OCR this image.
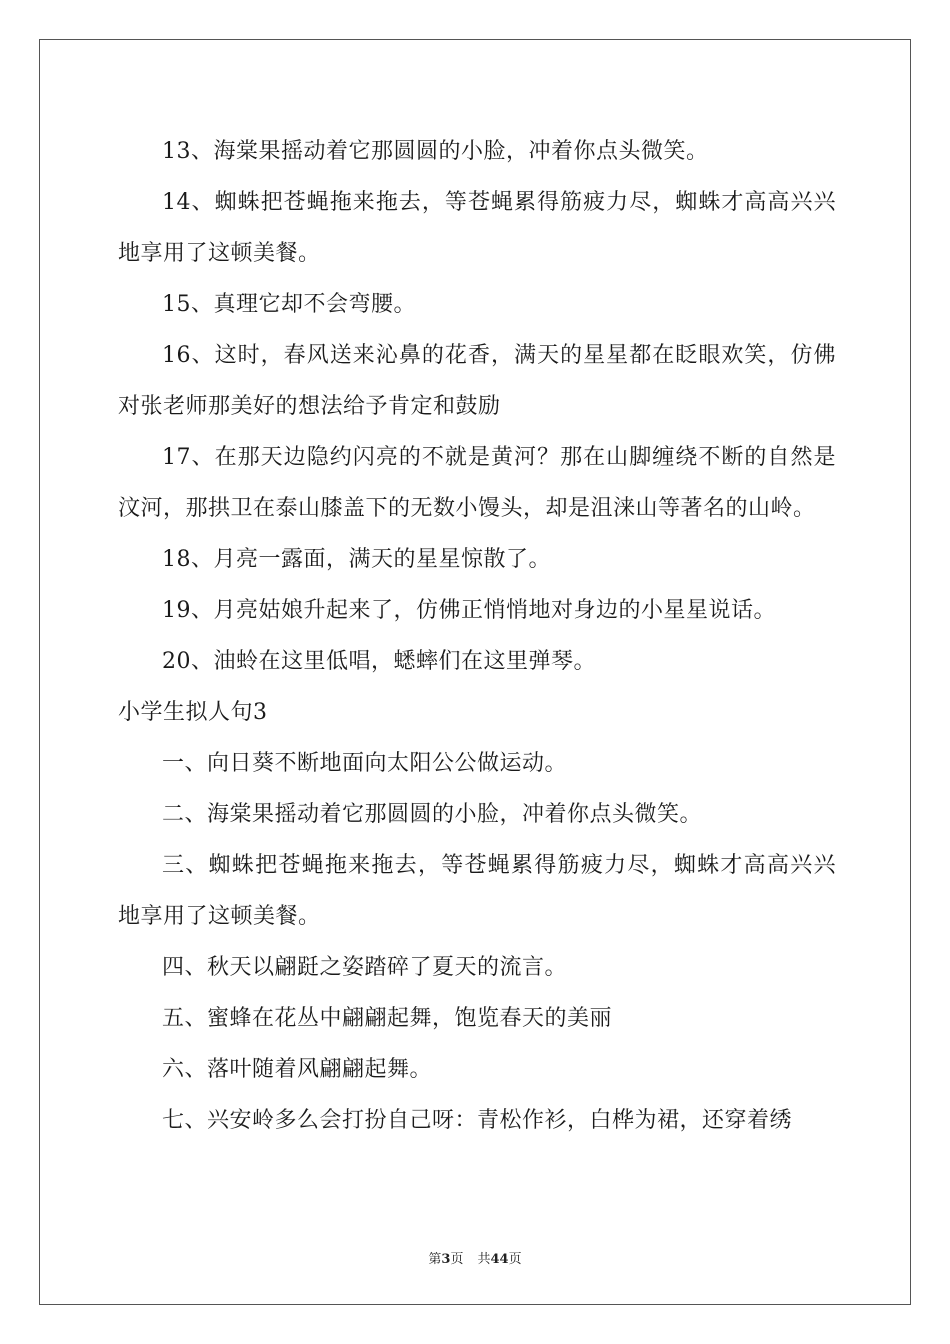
13、海棠果摇动着它那圆圆的小脸，冲着你点头微笑。

14、蜘蛛把苍蝇拖来拖去，等苍蝇累得筋疲力尽，蜘蛛才高高兴兴地享用了这顿美餐。

15、真理它却不会弯腰。

16、这时，春风送来沁鼻的花香，满天的星星都在眨眼欢笑，仿佛对张老师那美好的想法给予肯定和鼓励

17、在那天边隐约闪亮的不就是黄河？那在山脚缠绕不断的自然是汶河，那拱卫在泰山膝盖下的无数小馒头，却是沮涞山等著名的山岭。

18、月亮一露面，满天的星星惊散了。

19、月亮姑娘升起来了，仿佛正悄悄地对身边的小星星说话。

20、油蛉在这里低唱，蟋蟀们在这里弹琴。

小学生拟人句3

一、向日葵不断地面向太阳公公做运动。

二、海棠果摇动着它那圆圆的小脸，冲着你点头微笑。

三、蜘蛛把苍蝇拖来拖去，等苍蝇累得筋疲力尽，蜘蛛才高高兴兴地享用了这顿美餐。

四、秋天以翩跹之姿踏碎了夏天的流言。

五、蜜蜂在花丛中翩翩起舞，饱览春天的美丽

六、落叶随着风翩翩起舞。

七、兴安岭多么会打扮自己呀：青松作衫，白桦为裙，还穿着绣

第3页 共44页
